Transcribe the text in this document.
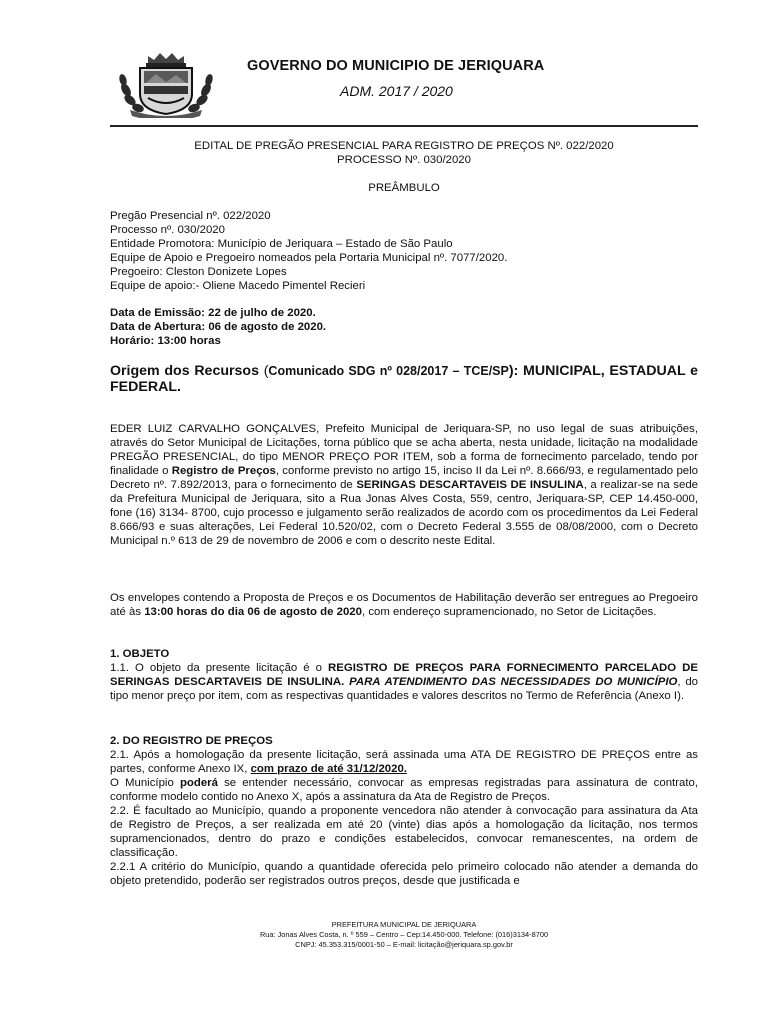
GOVERNO DO MUNICIPIO DE JERIQUARA
ADM. 2017 / 2020
EDITAL DE PREGÃO PRESENCIAL PARA REGISTRO DE PREÇOS Nº. 022/2020
PROCESSO Nº. 030/2020
PREÂMBULO
Pregão Presencial nº. 022/2020
Processo nº. 030/2020
Entidade Promotora: Município de Jeriquara – Estado de São Paulo
Equipe de Apoio e Pregoeiro nomeados pela Portaria Municipal nº. 7077/2020.
Pregoeiro: Cleston Donizete Lopes
Equipe de apoio:- Oliene Macedo Pimentel Recieri
Data de Emissão: 22 de julho de 2020.
Data de Abertura: 06 de agosto de 2020.
Horário: 13:00 horas
Origem dos Recursos (Comunicado SDG nº 028/2017 – TCE/SP): MUNICIPAL, ESTADUAL e FEDERAL.
EDER LUIZ CARVALHO GONÇALVES, Prefeito Municipal de Jeriquara-SP, no uso legal de suas atribuições, através do Setor Municipal de Licitações, torna público que se acha aberta, nesta unidade, licitação na modalidade PREGÃO PRESENCIAL, do tipo MENOR PREÇO POR ITEM, sob a forma de fornecimento parcelado, tendo por finalidade o Registro de Preços, conforme previsto no artigo 15, inciso II da Lei nº. 8.666/93, e regulamentado pelo Decreto nº. 7.892/2013, para o fornecimento de SERINGAS DESCARTAVEIS DE INSULINA, a realizar-se na sede da Prefeitura Municipal de Jeriquara, sito a Rua Jonas Alves Costa, 559, centro, Jeriquara-SP, CEP 14.450-000, fone (16) 3134- 8700, cujo processo e julgamento serão realizados de acordo com os procedimentos da Lei Federal 8.666/93 e suas alterações, Lei Federal 10.520/02, com o Decreto Federal 3.555 de 08/08/2000, com o Decreto Municipal n.º 613 de 29 de novembro de 2006 e com o descrito neste Edital.
Os envelopes contendo a Proposta de Preços e os Documentos de Habilitação deverão ser entregues ao Pregoeiro até às 13:00 horas do dia 06 de agosto de 2020, com endereço supramencionado, no Setor de Licitações.
1. OBJETO
1.1. O objeto da presente licitação é o REGISTRO DE PREÇOS PARA FORNECIMENTO PARCELADO DE SERINGAS DESCARTAVEIS DE INSULINA. PARA ATENDIMENTO DAS NECESSIDADES DO MUNICÍPIO, do tipo menor preço por item, com as respectivas quantidades e valores descritos no Termo de Referência (Anexo I).
2. DO REGISTRO DE PREÇOS
2.1. Após a homologação da presente licitação, será assinada uma ATA DE REGISTRO DE PREÇOS entre as partes, conforme Anexo IX, com prazo de até 31/12/2020.
O Município poderá se entender necessário, convocar as empresas registradas para assinatura de contrato, conforme modelo contido no Anexo X, após a assinatura da Ata de Registro de Preços.
2.2. É facultado ao Município, quando a proponente vencedora não atender à convocação para assinatura da Ata de Registro de Preços, a ser realizada em até 20 (vinte) dias após a homologação da licitação, nos termos supramencionados, dentro do prazo e condições estabelecidos, convocar remanescentes, na ordem de classificação.
2.2.1 A critério do Município, quando a quantidade oferecida pelo primeiro colocado não atender a demanda do objeto pretendido, poderão ser registrados outros preços, desde que justificada e
PREFEITURA MUNICIPAL DE JERIQUARA
Rua: Jonas Alves Costa, n. º 559 – Centro – Cep:14.450-000. Telefone: (016)3134-8700
CNPJ: 45.353.315/0001-50 – E-mail: licitação@jeriquara.sp.gov.br
